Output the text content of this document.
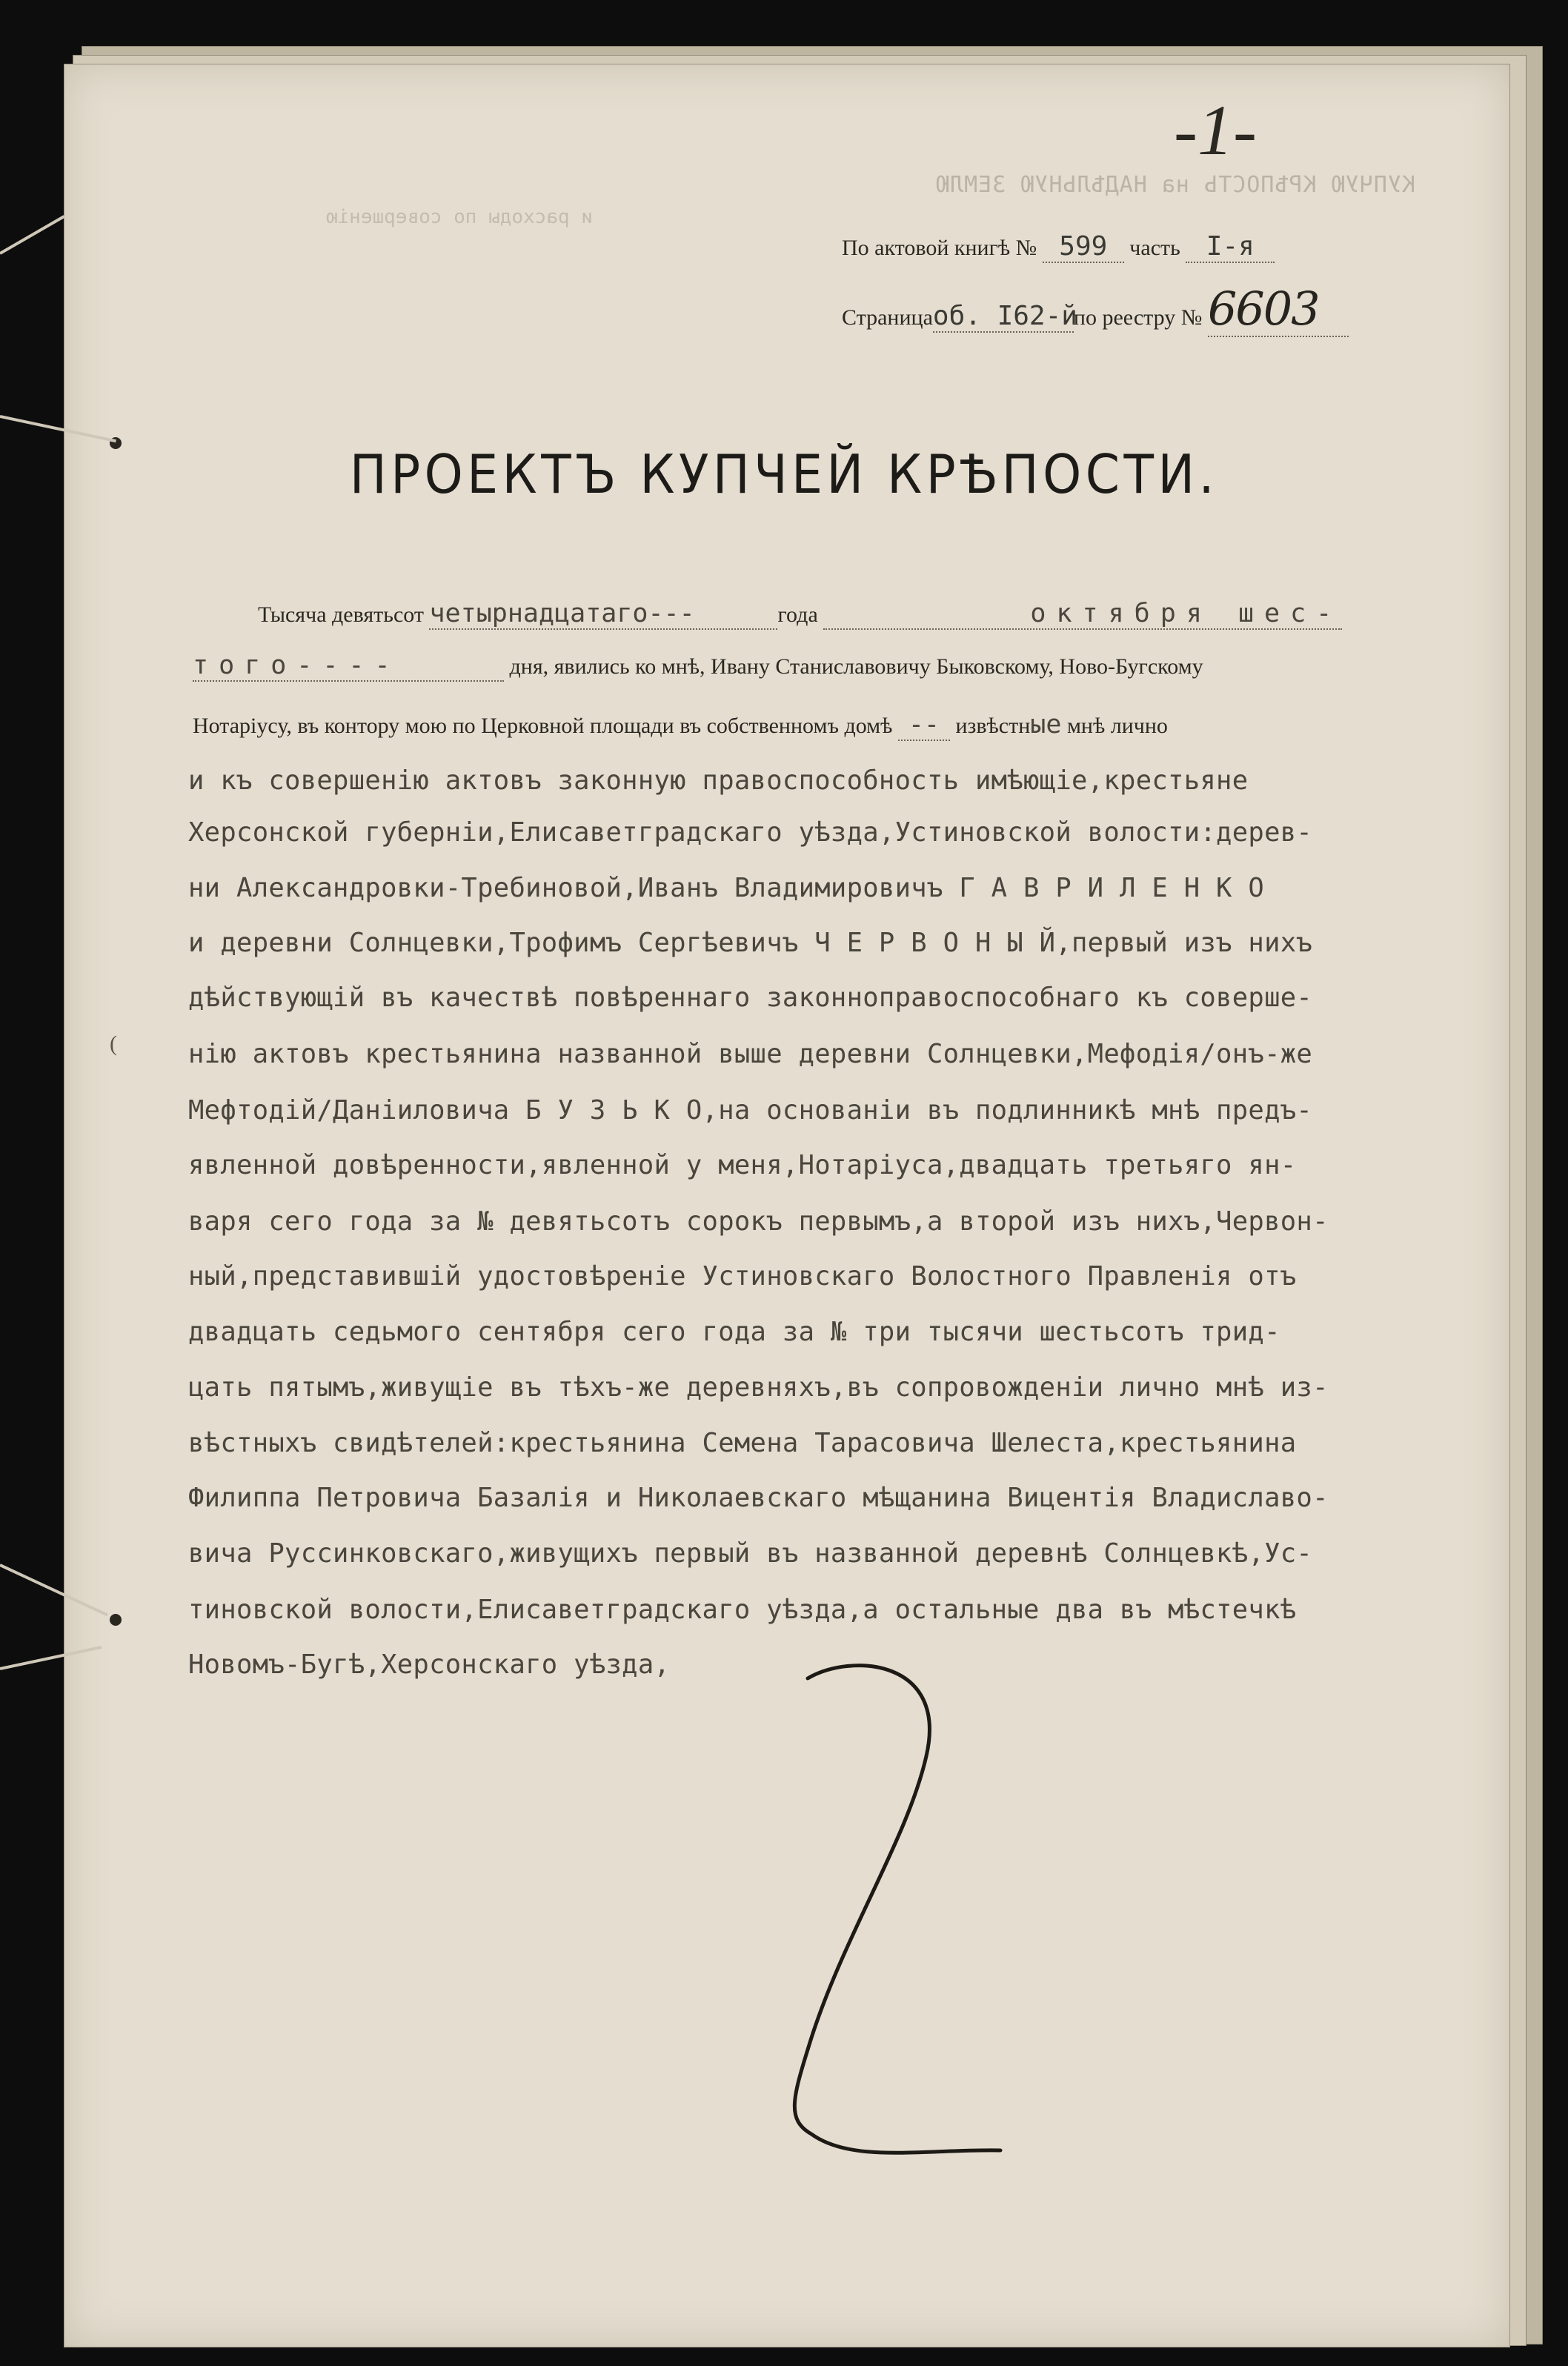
-1-
КУПЧУЮ КРѢПОСТЬ на НАДѢЛЬНУЮ ЗЕМЛЮ
и расходы по совершенію
По актовой книгѣ № 599 часть I-я
Страницаоб. I62-йпо реестру № 6603
ПРОЕКТЪ КУПЧЕЙ КРѢПОСТИ.
Тысяча девятьсот четырнадцатаго---	года	октября шес-
того----	дня, явились ко мнѣ, Ивану Станиславовичу Быковскому, Ново-Бугскому
Нотаріусу, въ контору мою по Церковной площади въ собственномъ домѣ -- извѣстные мнѣ лично
и къ совершенію актовъ законную правоспособность имѣющіе,крестьяне
Херсонской губерніи,Елисаветградскаго уѣзда,Устиновской волости:дерев-
ни Александровки-Требиновой,Иванъ Владимировичъ Г А В Р И Л Е Н К О
и деревни Солнцевки,Трофимъ Сергѣевичъ Ч Е Р В О Н Ы Й,первый изъ нихъ
дѣйствующій въ качествѣ повѣреннаго законноправоспособнаго къ соверше-
нію актовъ крестьянина названной выше деревни Солнцевки,Мефодія/онъ-же
Мефтодій/Даніиловича Б У З Ь К О,на основаніи въ подлинникѣ мнѣ предъ-
явленной довѣренности,явленной у меня,Нотаріуса,двадцать третьяго ян-
варя сего года за № девятьсотъ сорокъ первымъ,а второй изъ нихъ,Червон-
ный,представившій удостовѣреніе Устиновскаго Волостного Правленія отъ
двадцать седьмого сентября сего года за № три тысячи шестьсотъ трид-
цать пятымъ,живущіе въ тѣхъ-же деревняхъ,въ сопровожденіи лично мнѣ из-
вѣстныхъ свидѣтелей:крестьянина Семена Тарасовича Шелеста,крестьянина
Филиппа Петровича Базалія и Николаевскаго мѣщанина Вицентія Владиславо-
вича Руссинковскаго,живущихъ первый въ названной деревнѣ Солнцевкѣ,Ус-
тиновской волости,Елисаветградскаго уѣзда,а остальные два въ мѣстечкѣ
Новомъ-Бугѣ,Херсонскаго уѣзда,
(
